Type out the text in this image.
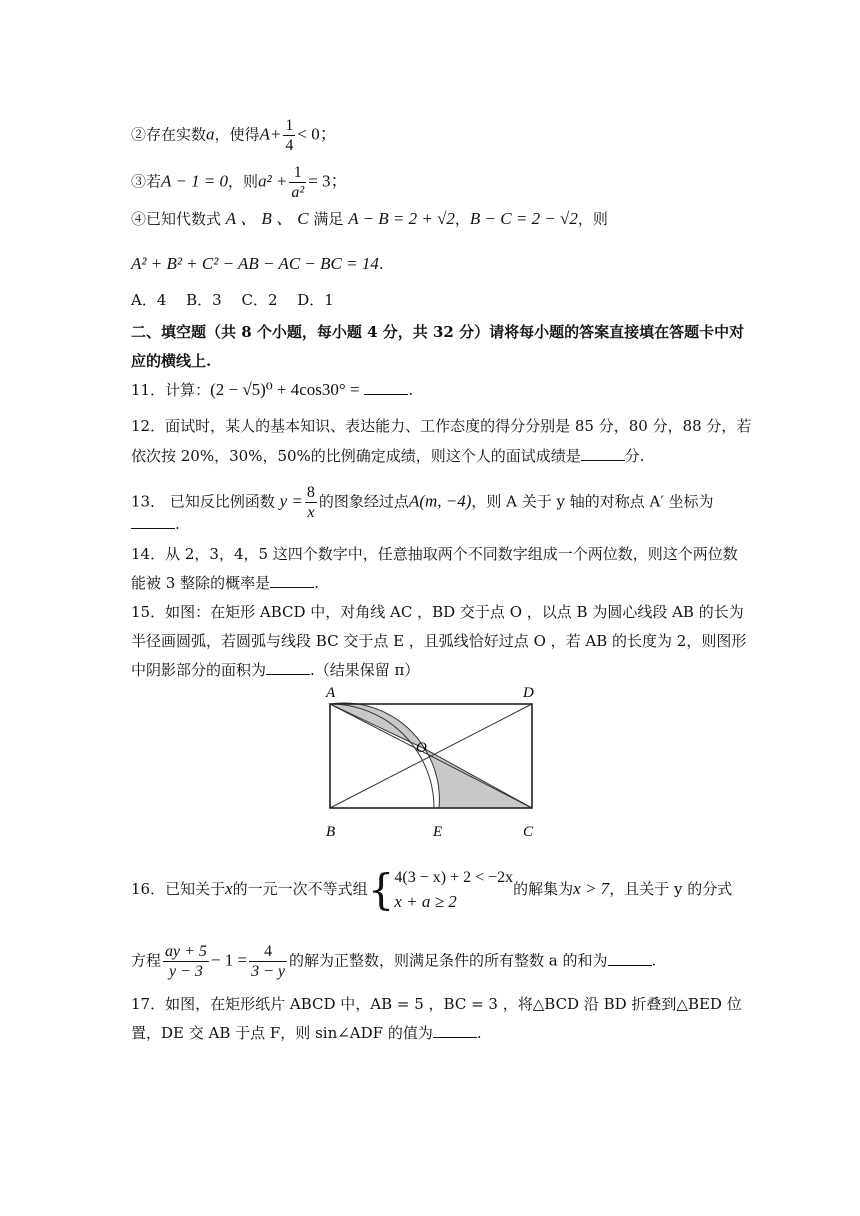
②存在实数a，使得$A+ \frac{1}{4} < 0$；
③若A − 1 = 0，则$a^2 + \frac{1}{\text{a²}} = 3$；
④已知代数式 A 、 B 、 C 满足 A − B = 2 + √2，B − C = 2 − √2，则
A² + B² + C² − AB − AC − BC = 14.
A．4　 B．3　 C．2　 D．1
二、填空题（共 8 个小题，每小题 4 分，共 32 分）请将每小题的答案直接填在答题卡中对
应的横线上.
11．计算：(2 − √5)⁰ + 4cos30° =	.
12．面试时，某人的基本知识、表达能力、工作态度的得分分别是 85 分，80 分，88 分，若
依次按 20%，30%，50%的比例确定成绩，则这个人的面试成绩是	分.
13． 已知反比例函数 $y = \frac{8}{x}$ 的图象经过点A(m, −4)，则 A 关于 y 轴的对称点 A′ 坐标为
.
14．从 2，3，4，5 这四个数字中，任意抽取两个不同数字组成一个两位数，则这个两位数
能被 3 整除的概率是	.
15．如图：在矩形 ABCD 中，对角线 AC ，BD 交于点 O ，以点 B 为圆心线段 AB 的长为
半径画圆弧，若圆弧与线段 BC 交于点 E ，且弧线恰好过点 O ，若 AB 的长度为 2，则图形
中阴影部分的面积为	.（结果保留 π）
A	D
O
B	E	C
16．已知关于x的一元一次不等式组{ 4(3 − x) + 2 < −2x
x + a ≥ 2
的解集为x > 7，且关于 y 的分式
方程 $\frac{ay + 5}{y - 3} - 1 = \frac{4}{3 - y}$ 的解为正整数，则满足条件的所有整数 a 的和为	.
17．如图，在矩形纸片 ABCD 中，AB = 5 ，BC = 3 ，将△BCD 沿 BD 折叠到△BED 位
置，DE 交 AB 于点 F，则 sin∠ADF 的值为	.
